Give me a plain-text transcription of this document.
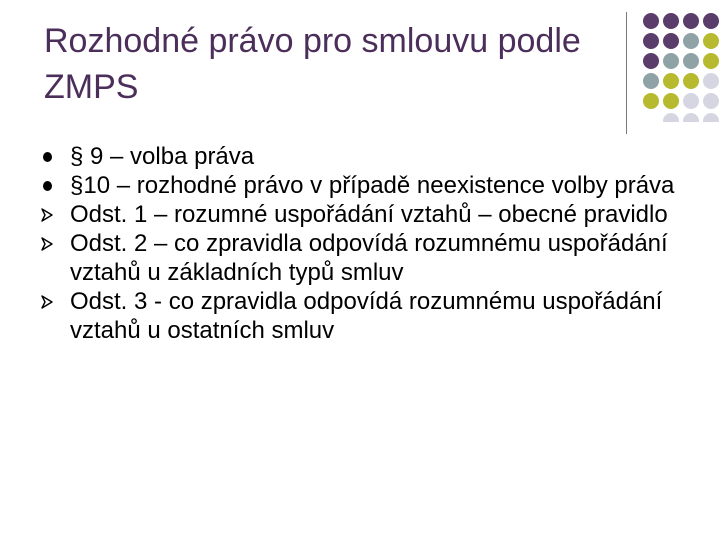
Rozhodné právo pro smlouvu podle ZMPS
§ 9 – volba práva
§10 – rozhodné právo v případě neexistence volby práva
Odst. 1 – rozumné uspořádání vztahů – obecné pravidlo
Odst. 2 – co zpravidla odpovídá rozumnému uspořádání vztahů u základních typů smluv
Odst. 3 - co zpravidla odpovídá rozumnému uspořádání vztahů u ostatních smluv
